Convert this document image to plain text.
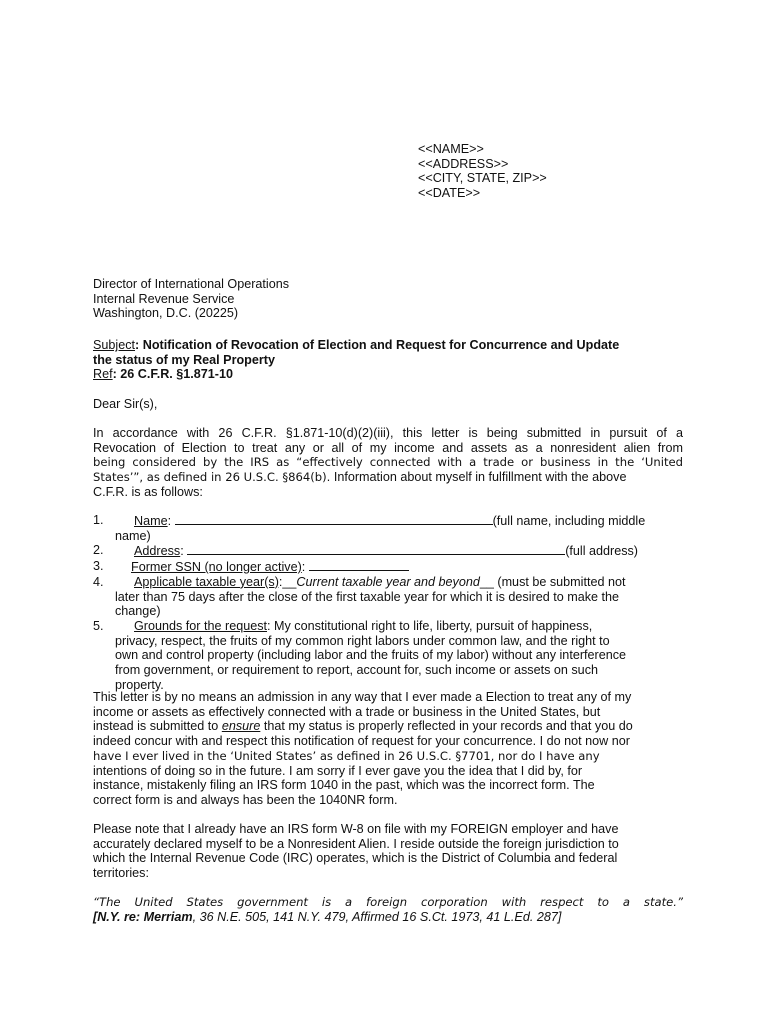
<<NAME>>
<<ADDRESS>>
<<CITY, STATE, ZIP>>
<<DATE>>
Director of International Operations
Internal Revenue Service
Washington, D.C. (20225)
Subject: Notification of Revocation of Election and Request for Concurrence and Update
the status of my Real Property
Ref: 26 C.F.R. §1.871-10
Dear Sir(s),
In accordance with 26 C.F.R. §1.871-10(d)(2)(iii), this letter is being submitted in pursuit of a
Revocation of Election to treat any or all of my income and assets as a nonresident alien from
being considered by the IRS as “effectively connected with a trade or business in the ‘United
States’”, as defined in 26 U.S.C. §864(b). Information about myself in fulfillment with the above
C.F.R. is as follows:
1.	Name:	(full name, including middle
name)
2.	Address:	(full address)
3.	Former SSN (no longer active):
4.	Applicable taxable year(s):__Current taxable year and beyond__ (must be submitted not
later than 75 days after the close of the first taxable year for which it is desired to make the
change)
5.	Grounds for the request: My constitutional right to life, liberty, pursuit of happiness,
privacy, respect, the fruits of my common right labors under common law, and the right to
own and control property (including labor and the fruits of my labor) without any interference
from government, or requirement to report, account for, such income or assets on such
property.
This letter is by no means an admission in any way that I ever made a Election to treat any of my
income or assets as effectively connected with a trade or business in the United States, but
instead is submitted to ensure that my status is properly reflected in your records and that you do
indeed concur with and respect this notification of request for your concurrence. I do not now nor
have I ever lived in the ‘United States’ as defined in 26 U.S.C. §7701, nor do I have any
intentions of doing so in the future. I am sorry if I ever gave you the idea that I did by, for
instance, mistakenly filing an IRS form 1040 in the past, which was the incorrect form. The
correct form is and always has been the 1040NR form.
Please note that I already have an IRS form W-8 on file with my FOREIGN employer and have
accurately declared myself to be a Nonresident Alien. I reside outside the foreign jurisdiction to
which the Internal Revenue Code (IRC) operates, which is the District of Columbia and federal
territories:
“The United States government is a foreign corporation with respect to a state.”
[N.Y. re: Merriam, 36 N.E. 505, 141 N.Y. 479, Affirmed 16 S.Ct. 1973, 41 L.Ed. 287]
